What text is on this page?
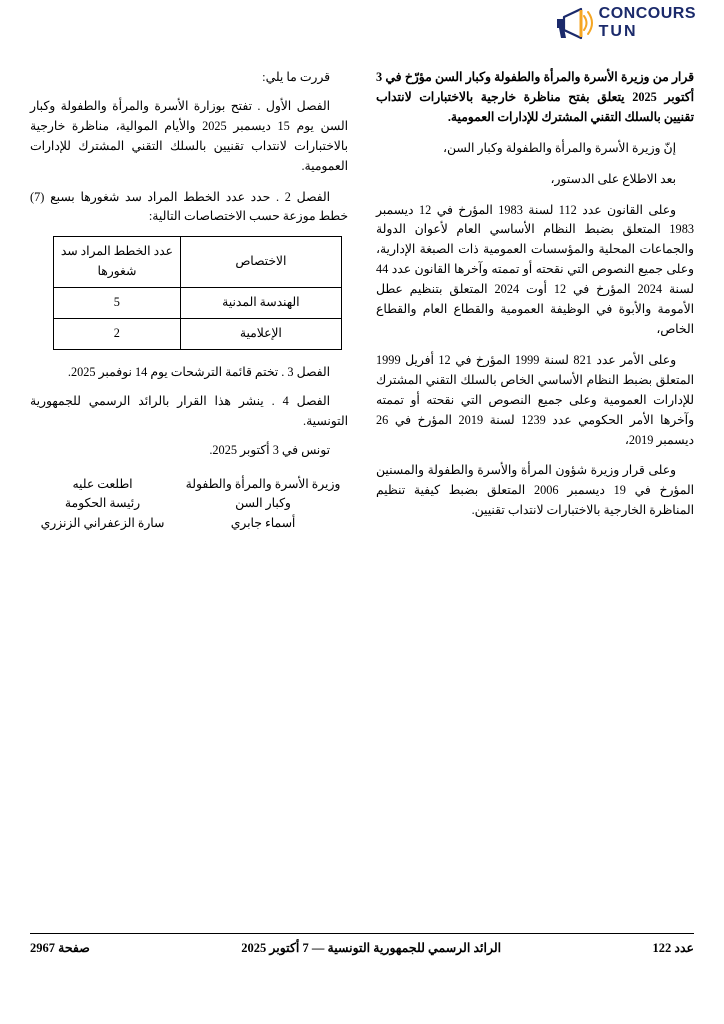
CONCOURS
TUN

قرار من وزيرة الأسرة والمرأة والطفولة وكبار السن مؤرّخ في 3 أكتوبر 2025 يتعلق بفتح مناظرة خارجية بالاختبارات لانتداب تقنيين بالسلك التقني المشترك للإدارات العمومية.

إنّ وزيرة الأسرة والمرأة والطفولة وكبار السن،

بعد الاطلاع على الدستور،

وعلى القانون عدد 112 لسنة 1983 المؤرخ في 12 ديسمبر 1983 المتعلق بضبط النظام الأساسي العام لأعوان الدولة والجماعات المحلية والمؤسسات العمومية ذات الصبغة الإدارية، وعلى جميع النصوص التي نقحته أو تممته وآخرها القانون عدد 44 لسنة 2024 المؤرخ في 12 أوت 2024 المتعلق بتنظيم عطل الأمومة والأبوة في الوظيفة العمومية والقطاع العام والقطاع الخاص،

وعلى الأمر عدد 821 لسنة 1999 المؤرخ في 12 أفريل 1999 المتعلق بضبط النظام الأساسي الخاص بالسلك التقني المشترك للإدارات العمومية وعلى جميع النصوص التي نقحته أو تممته وآخرها الأمر الحكومي عدد 1239 لسنة 2019 المؤرخ في 26 ديسمبر 2019،

وعلى قرار وزيرة شؤون المرأة والأسرة والطفولة والمسنين المؤرخ في 19 ديسمبر 2006 المتعلق بضبط كيفية تنظيم المناظرة الخارجية بالاختبارات لانتداب تقنيين.

قررت ما يلي:

الفصل الأول . تفتح بوزارة الأسرة والمرأة والطفولة وكبار السن يوم 15 ديسمبر 2025 والأيام الموالية، مناظرة خارجية بالاختبارات لانتداب تقنيين بالسلك التقني المشترك للإدارات العمومية.

الفصل 2 . حدد عدد الخطط المراد سد شغورها بسبع (7) خطط موزعة حسب الاختصاصات التالية:

الاختصاص	عدد الخطط المراد سد شغورها
الهندسة المدنية	5
الإعلامية	2

الفصل 3 . تختم قائمة الترشحات يوم 14 نوفمبر 2025.

الفصل 4 . ينشر هذا القرار بالرائد الرسمي للجمهورية التونسية.

تونس في 3 أكتوبر 2025.

وزيرة الأسرة والمرأة والطفولة
وكبار السن
أسماء جابري
اطلعت عليه
رئيسة الحكومة
سارة الزعفراني الزنزري
عدد 122
الرائد الرسمي للجمهورية التونسية — 7 أكتوبر 2025
صفحة 2967
